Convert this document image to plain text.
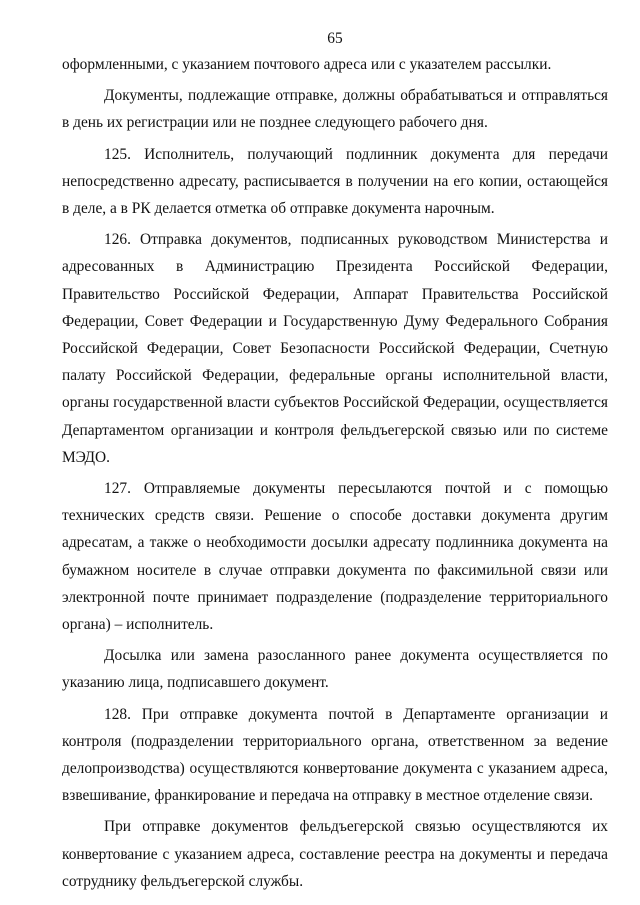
65

оформленными, с указанием почтового адреса или с указателем рассылки.

Документы, подлежащие отправке, должны обрабатываться и отправляться в день их регистрации или не позднее следующего рабочего дня.

125. Исполнитель, получающий подлинник документа для передачи непосредственно адресату, расписывается в получении на его копии, остающейся в деле, а в РК делается отметка об отправке документа нарочным.

126. Отправка документов, подписанных руководством Министерства и адресованных в Администрацию Президента Российской Федерации, Правительство Российской Федерации, Аппарат Правительства Российской Федерации, Совет Федерации и Государственную Думу Федерального Собрания Российской Федерации, Совет Безопасности Российской Федерации, Счетную палату Российской Федерации, федеральные органы исполнительной власти, органы государственной власти субъектов Российской Федерации, осуществляется Департаментом организации и контроля фельдъегерской связью или по системе МЭДО.

127. Отправляемые документы пересылаются почтой и с помощью технических средств связи. Решение о способе доставки документа другим адресатам, а также о необходимости досылки адресату подлинника документа на бумажном носителе в случае отправки документа по факсимильной связи или электронной почте принимает подразделение (подразделение территориального органа) – исполнитель.

Досылка или замена разосланного ранее документа осуществляется по указанию лица, подписавшего документ.

128. При отправке документа почтой в Департаменте организации и контроля (подразделении территориального органа, ответственном за ведение делопроизводства) осуществляются конвертование документа с указанием адреса, взвешивание, франкирование и передача на отправку в местное отделение связи.

При отправке документов фельдъегерской связью осуществляются их конвертование с указанием адреса, составление реестра на документы и передача сотруднику фельдъегерской службы.
